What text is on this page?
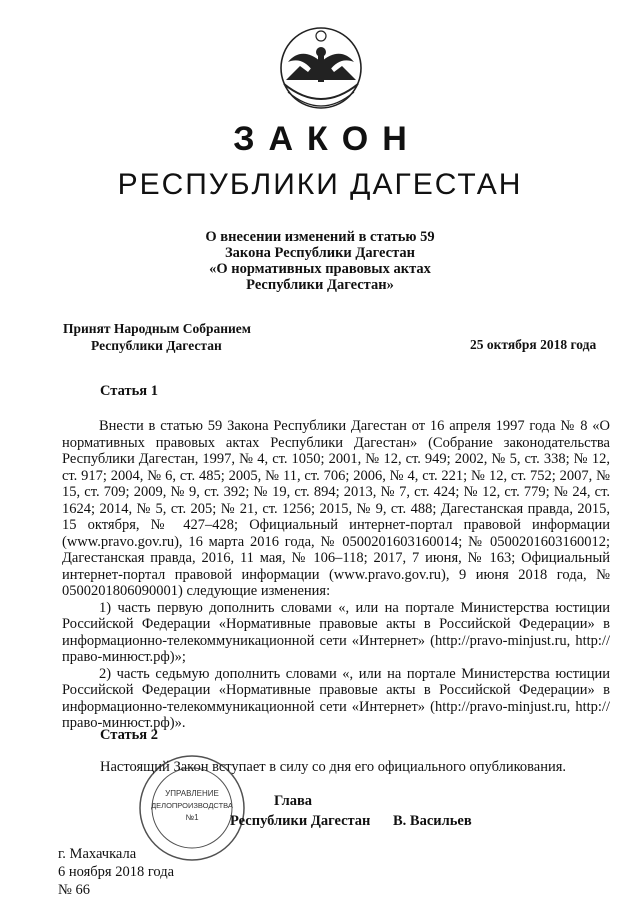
ЗАКОН
РЕСПУБЛИКИ ДАГЕСТАН
О внесении изменений в статью 59
Закона Республики Дагестан
«О нормативных правовых актах
Республики Дагестан»
Принят Народным Собранием
Республики Дагестан	25 октября 2018 года
Статья 1

Внести в статью 59 Закона Республики Дагестан от 16 апреля 1997 года № 8 «О нормативных правовых актах Республики Дагестан» (Собрание законодательства Республики Дагестан, 1997, № 4, ст. 1050; 2001, № 12, ст. 949; 2002, № 5, ст. 338; № 12, ст. 917; 2004, № 6, ст. 485; 2005, № 11, ст. 706; 2006, № 4, ст. 221; № 12, ст. 752; 2007, № 15, ст. 709; 2009, № 9, ст. 392; № 19, ст. 894; 2013, № 7, ст. 424; № 12, ст. 779; № 24, ст. 1624; 2014, № 5, ст. 205; № 21, ст. 1256; 2015, № 9, ст. 488; Дагестанская правда, 2015, 15 октября, № 427–428; Официальный интернет-портал правовой информации (www.pravo.gov.ru), 16 марта 2016 года, № 0500201603160014; № 0500201603160012; Дагестанская правда, 2016, 11 мая, № 106–118; 2017, 7 июня, № 163; Официальный интернет-портал правовой информации (www.pravo.gov.ru), 9 июня 2018 года, № 0500201806090001) следующие изменения:

1) часть первую дополнить словами «, или на портале Министерства юстиции Российской Федерации «Нормативные правовые акты в Российской Федерации» в информационно-телекоммуникационной сети «Интернет» (http://pravo-minjust.ru, http://право-минюст.рф)»;

2) часть седьмую дополнить словами «, или на портале Министерства юстиции Российской Федерации «Нормативные правовые акты в Российской Федерации» в информационно-телекоммуникационной сети «Интернет» (http://pravo-minjust.ru, http://право-минюст.рф)».

Статья 2
Настоящий Закон вступает в силу со дня его официального опубликования.
УПРАВЛЕНИЕ
ДЕЛОПРОИЗВОДСТВА
№1
Глава
Республики Дагестан В. Васильев
г. Махачкала
6 ноября 2018 года
№ 66
